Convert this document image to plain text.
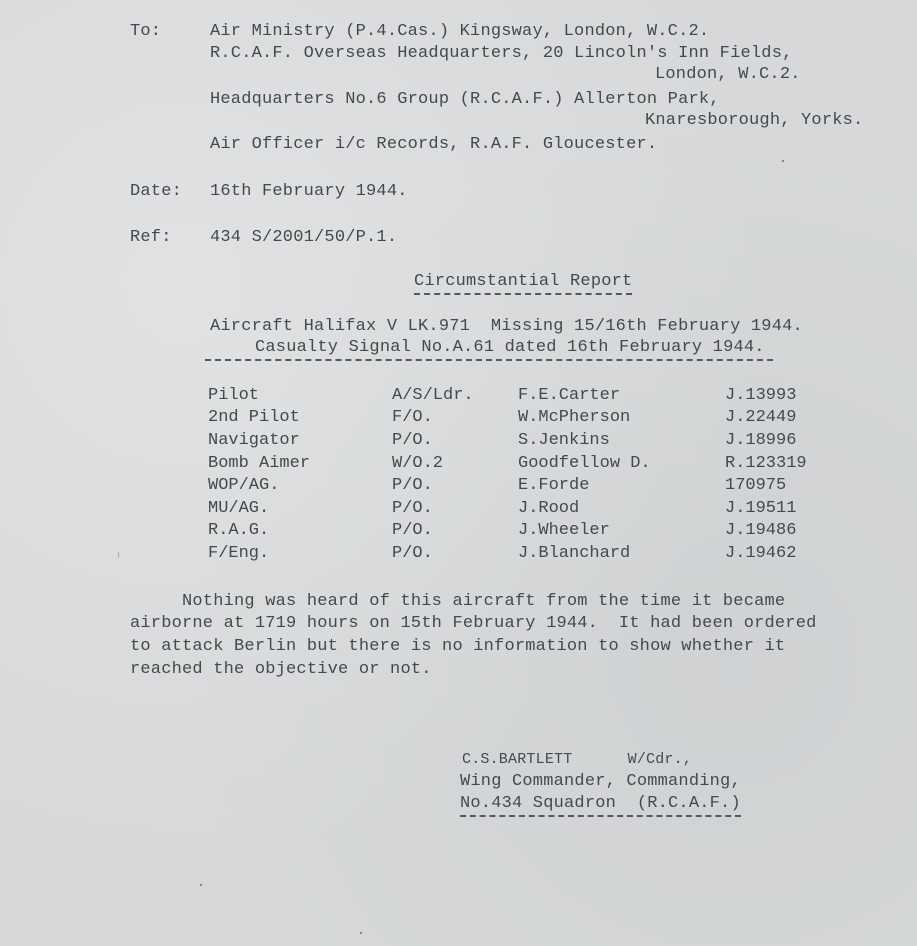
To:	Air Ministry (P.4.Cas.) Kingsway, London, W.C.2.
R.C.A.F. Overseas Headquarters, 20 Lincoln's Inn Fields,
London, W.C.2.
Headquarters No.6 Group (R.C.A.F.) Allerton Park,
Knaresborough, Yorks.
Air Officer i/c Records, R.A.F. Gloucester.
Date: 16th February 1944.
Ref: 434 S/2001/50/P.1.
Circumstantial Report
Aircraft Halifax V LK.971  Missing 15/16th February 1944.
Casualty Signal No.A.61 dated 16th February 1944.
Pilot	A/S/Ldr.	F.E.Carter	J.13993
2nd Pilot	F/O.	W.McPherson	J.22449
Navigator	P/O.	S.Jenkins	J.18996
Bomb Aimer	W/O.2	Goodfellow D.	R.123319
WOP/AG.	P/O.	E.Forde	170975
MU/AG.	P/O.	J.Rood	J.19511
R.A.G.	P/O.	J.Wheeler	J.19486
F/Eng.	P/O.	J.Blanchard	J.19462
Nothing was heard of this aircraft from the time it became
airborne at 1719 hours on 15th February 1944.  It had been ordered
to attack Berlin but there is no information to show whether it
reached the objective or not.
C.S.BARTLETT      W/Cdr.,
Wing Commander, Commanding,
No.434 Squadron  (R.C.A.F.)
